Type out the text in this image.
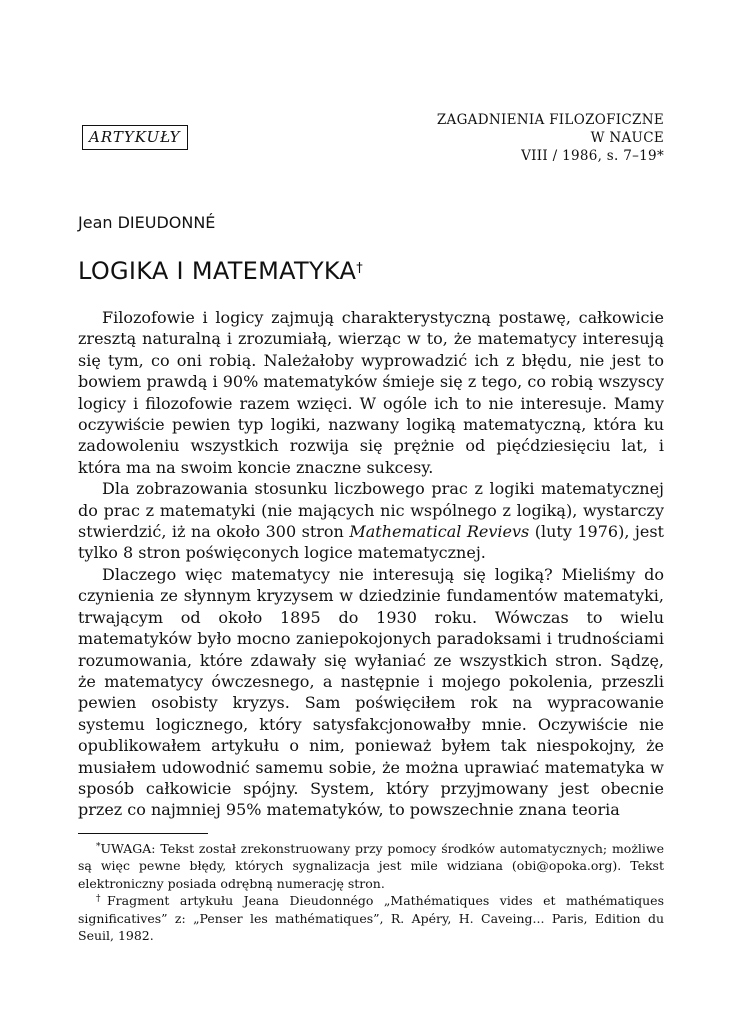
ARTYKUŁY
ZAGADNIENIA FILOZOFICZNE
W NAUCE
VIII / 1986, s. 7–19*
Jean DIEUDONNÉ
LOGIKA I MATEMATYKA†

Filozofowie i logicy zajmują charakterystyczną postawę, całkowicie zresztą naturalną i zrozumiałą, wierząc w to, że matematycy interesują się tym, co oni robią. Należałoby wyprowadzić ich z błędu, nie jest to bowiem prawdą i 90% matematyków śmieje się z tego, co robią wszyscy logicy i filozofowie razem wzięci. W ogóle ich to nie interesuje. Mamy oczywiście pewien typ logiki, nazwany logiką matematyczną, która ku zadowoleniu wszystkich rozwija się prężnie od pięćdziesięciu lat, i która ma na swoim koncie znaczne sukcesy.

Dla zobrazowania stosunku liczbowego prac z logiki matematycznej do prac z matematyki (nie mających nic wspólnego z logiką), wystarczy stwierdzić, iż na około 300 stron Mathematical Revievs (luty 1976), jest tylko 8 stron poświęconych logice matematycznej.

Dlaczego więc matematycy nie interesują się logiką? Mieliśmy do czynienia ze słynnym kryzysem w dziedzinie fundamentów matematyki, trwającym od około 1895 do 1930 roku. Wówczas to wielu matematyków było mocno zaniepokojonych paradoksami i trudnościami rozumowania, które zdawały się wyłaniać ze wszystkich stron. Sądzę, że matematycy ówczesnego, a następnie i mojego pokolenia, przeszli pewien osobisty kryzys. Sam poświęciłem rok na wypracowanie systemu logicznego, który satysfakcjonowałby mnie. Oczywiście nie opublikowałem artykułu o nim, ponieważ byłem tak niespokojny, że musiałem udowodnić samemu sobie, że można uprawiać matematyka w sposób całkowicie spójny. System, który przyjmowany jest obecnie przez co najmniej 95% matematyków, to powszechnie znana teoria

*UWAGA: Tekst został zrekonstruowany przy pomocy środków automatycznych; możliwe są więc pewne błędy, których sygnalizacja jest mile widziana (obi@opoka.org). Tekst elektroniczny posiada odrębną numerację stron.

†Fragment artykułu Jeana Dieudonnégo „Mathématiques vides et mathématiques significatives” z: „Penser les mathématiques”, R. Apéry, H. Caveing... Paris, Edition du Seuil, 1982.
